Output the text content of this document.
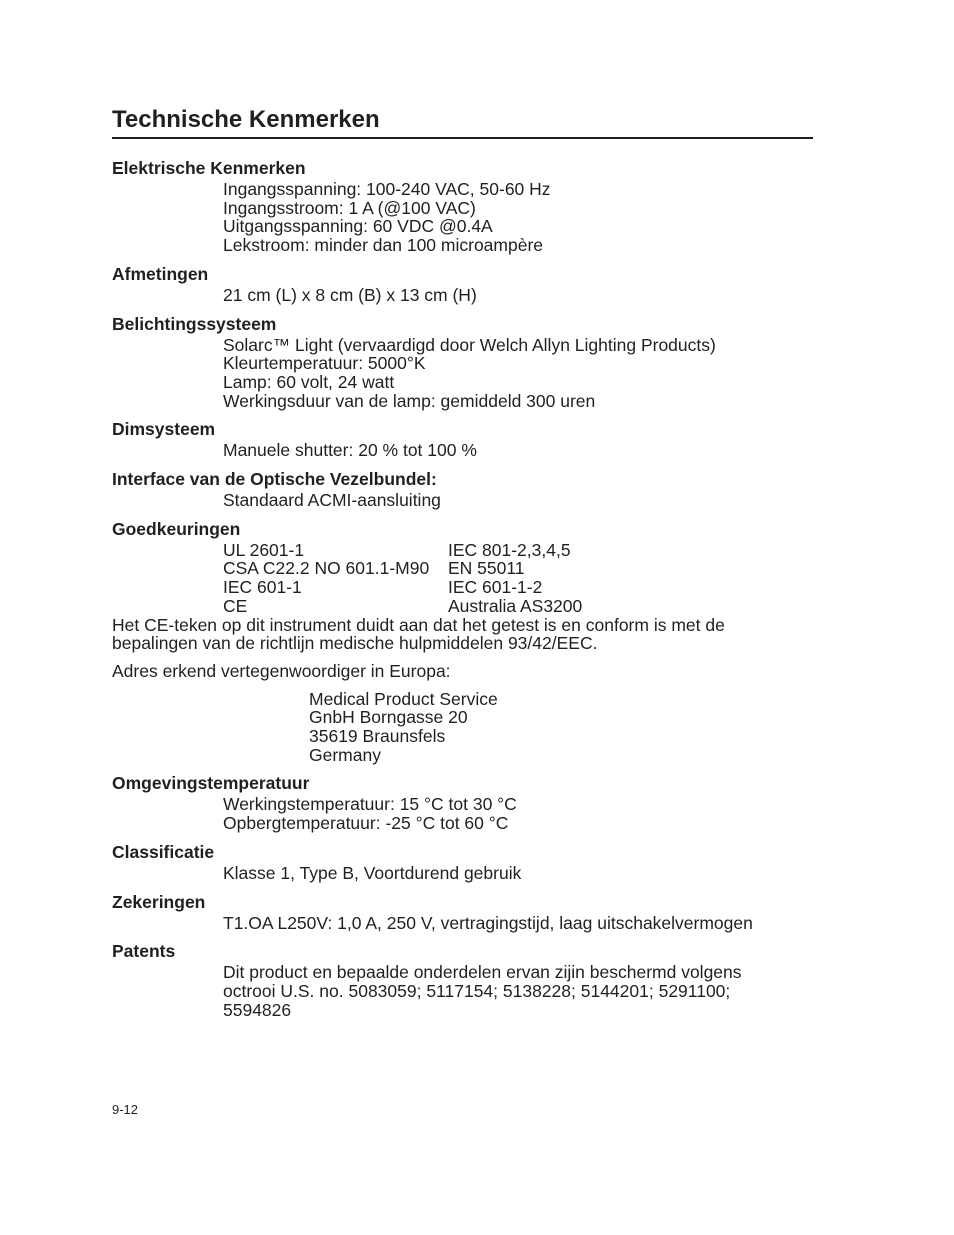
Technische Kenmerken

Elektrische Kenmerken

Ingangsspanning: 100-240 VAC, 50-60 Hz

Ingangsstroom: 1 A (@100 VAC)

Uitgangsspanning: 60 VDC @0.4A

Lekstroom: minder dan 100 microampère

Afmetingen

21 cm (L) x 8 cm (B) x 13 cm (H)

Belichtingssysteem

Solarc™ Light (vervaardigd door Welch Allyn Lighting Products)

Kleurtemperatuur: 5000°K

Lamp: 60 volt, 24 watt

Werkingsduur van de lamp: gemiddeld 300 uren

Dimsysteem

Manuele shutter: 20 % tot 100 %

Interface van de Optische Vezelbundel:

Standaard ACMI-aansluiting

Goedkeuringen

UL 2601-1	IEC 801-2,3,4,5

CSA C22.2 NO 601.1-M90	EN 55011

IEC 601-1	IEC 601-1-2

CE	Australia AS3200

Het CE-teken op dit instrument duidt aan dat het getest is en conform is met de bepalingen van de richtlijn medische hulpmiddelen 93/42/EEC.

Adres erkend vertegenwoordiger in Europa:

Medical Product Service

GnbH Borngasse 20

35619 Braunsfels

Germany

Omgevingstemperatuur

Werkingstemperatuur: 15 °C tot 30 °C

Opbergtemperatuur: -25 °C tot 60 °C

Classificatie

Klasse 1, Type B, Voortdurend gebruik

Zekeringen

T1.OA L250V: 1,0 A, 250 V, vertragingstijd, laag uitschakelvermogen

Patents

Dit product en bepaalde onderdelen ervan zijin beschermd volgens octrooi U.S. no. 5083059; 5117154; 5138228; 5144201; 5291100; 5594826

9-12
